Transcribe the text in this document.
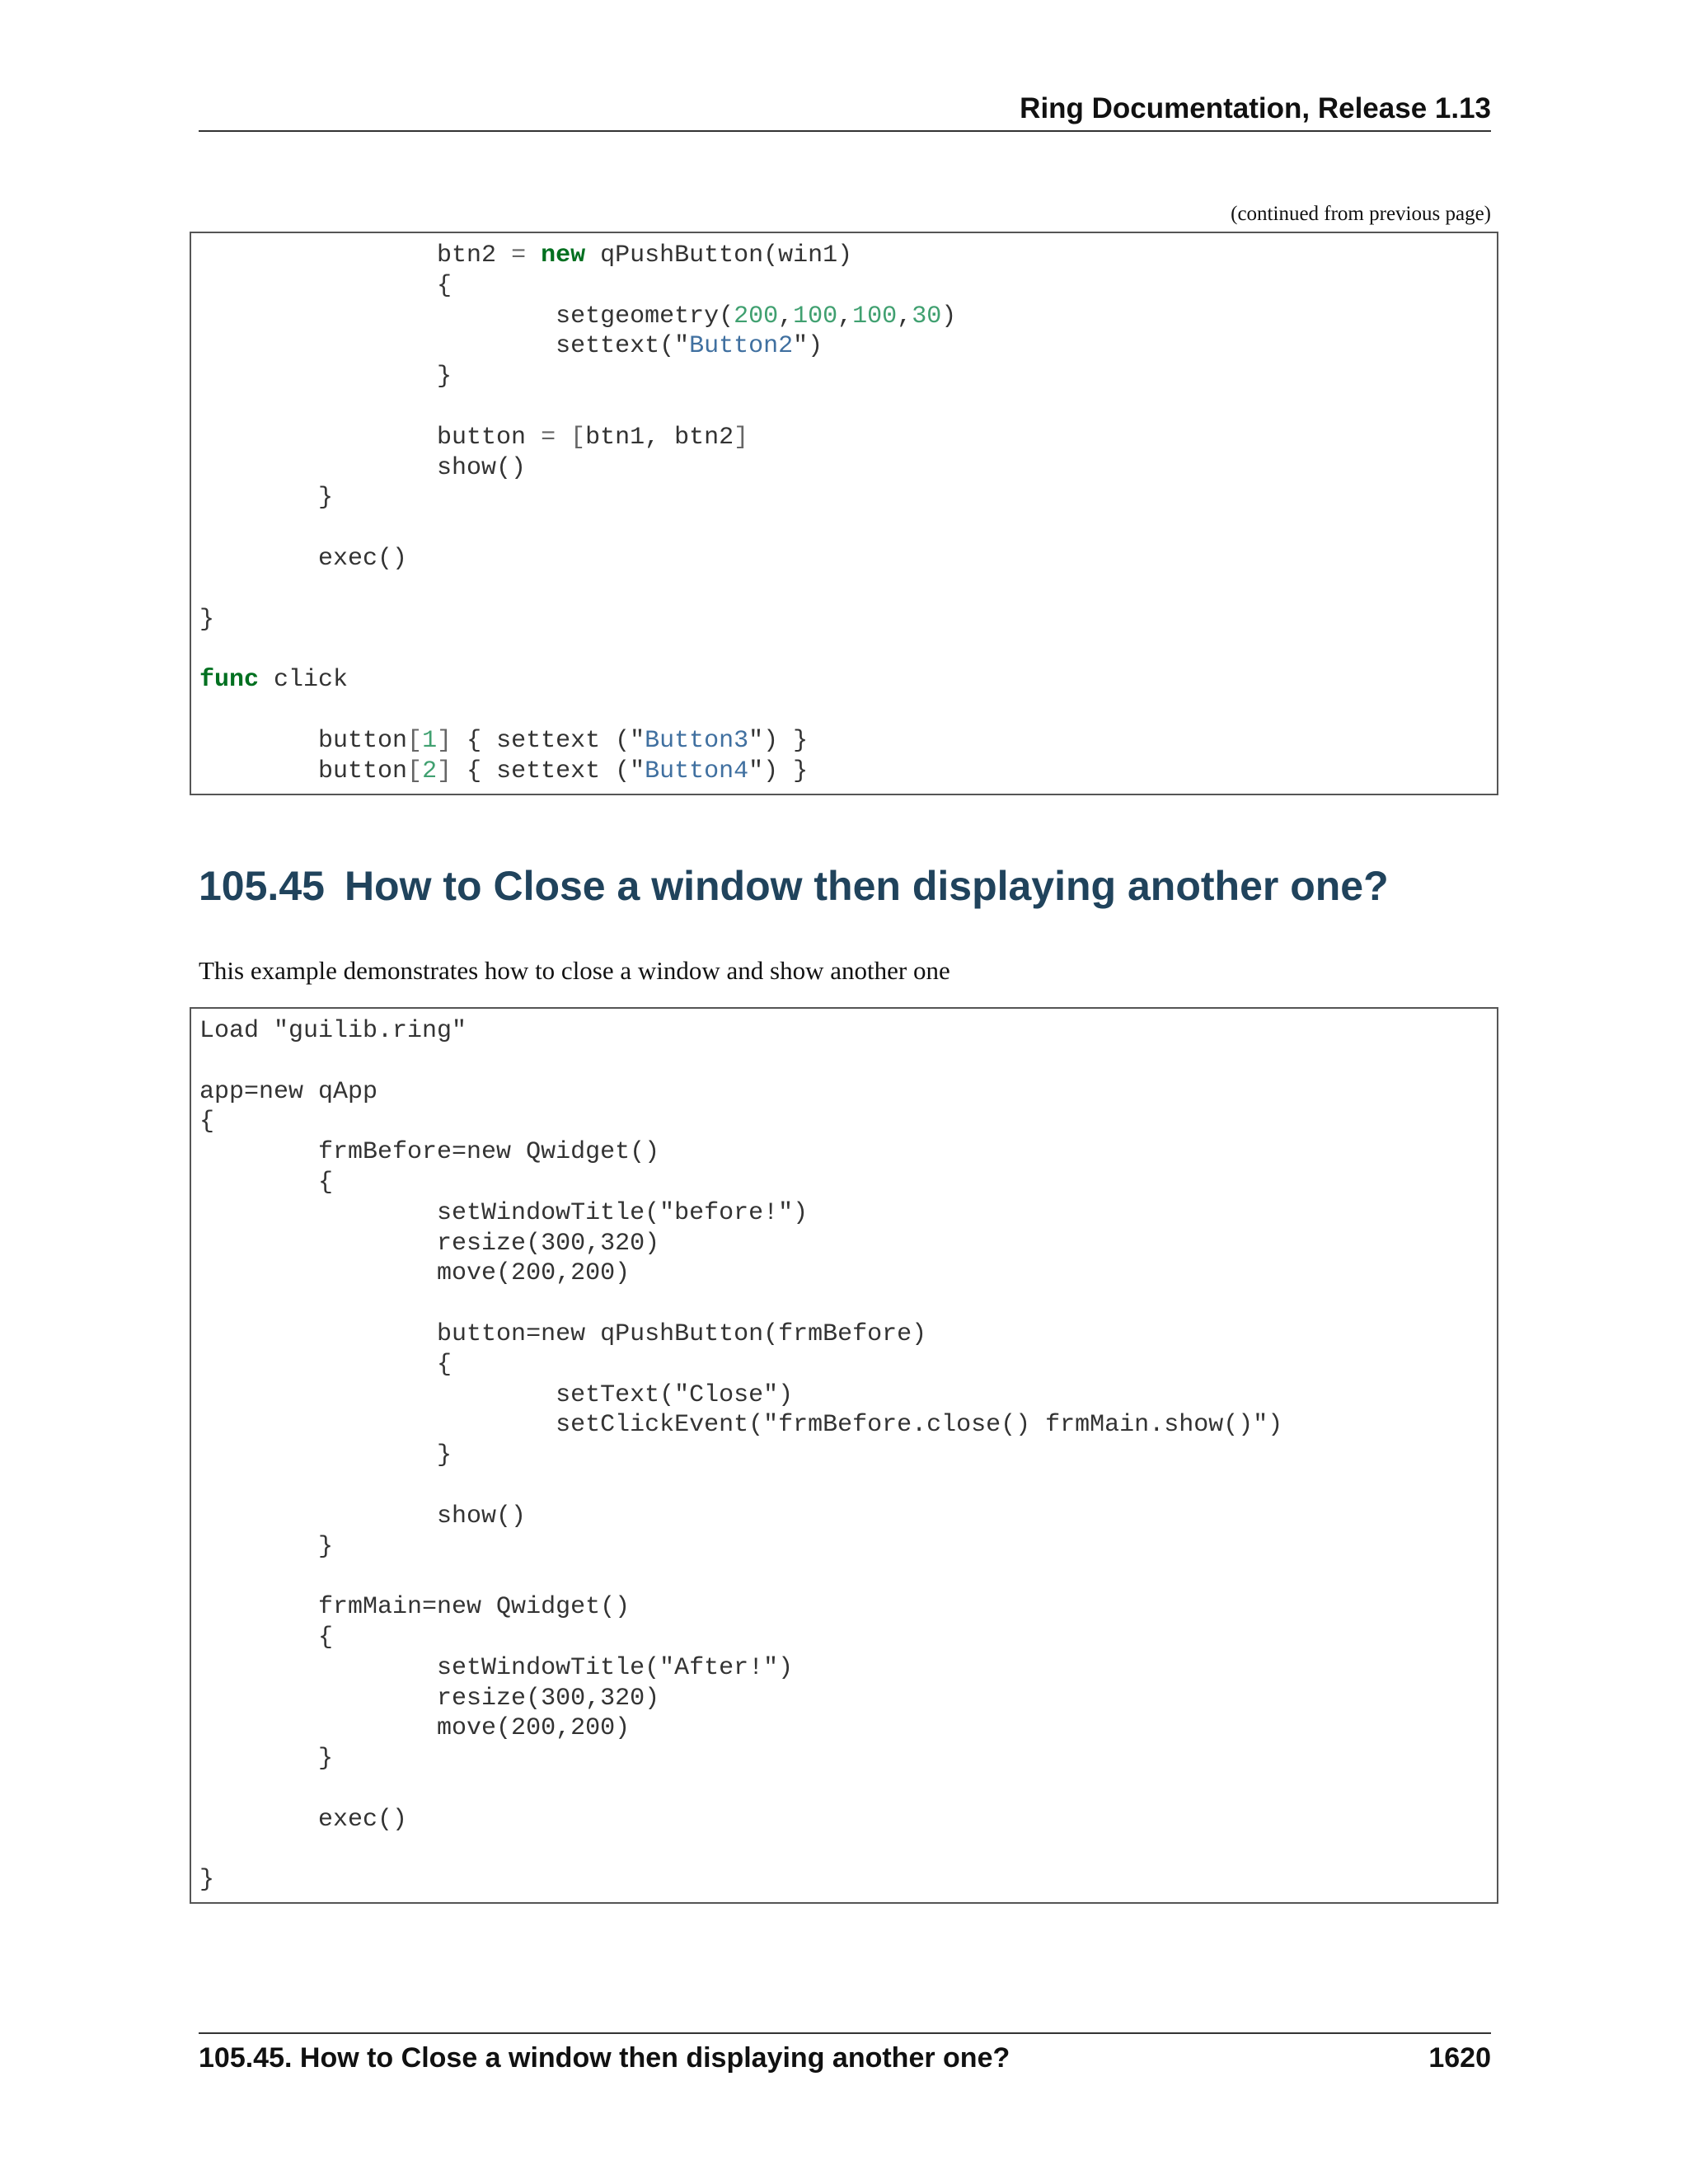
Ring Documentation, Release 1.13
(continued from previous page)
btn2 = new qPushButton(win1)
{
setgeometry(200,100,100,30)
settext("Button2")
}

button = [btn1, btn2]
show()
}

exec()

}

func click

button[1] { settext ("Button3") }
button[2] { settext ("Button4") }
105.45 How to Close a window then displaying another one?

This example demonstrates how to close a window and show another one

Load "guilib.ring"

app=new qApp
{
frmBefore=new Qwidget()
{
setWindowTitle("before!")
resize(300,320)
move(200,200)

button=new qPushButton(frmBefore)
{
setText("Close")
setClickEvent("frmBefore.close() frmMain.show()")
}

show()
}

frmMain=new Qwidget()
{
setWindowTitle("After!")
resize(300,320)
move(200,200)
}

exec()

}
105.45. How to Close a window then displaying another one?	1620
